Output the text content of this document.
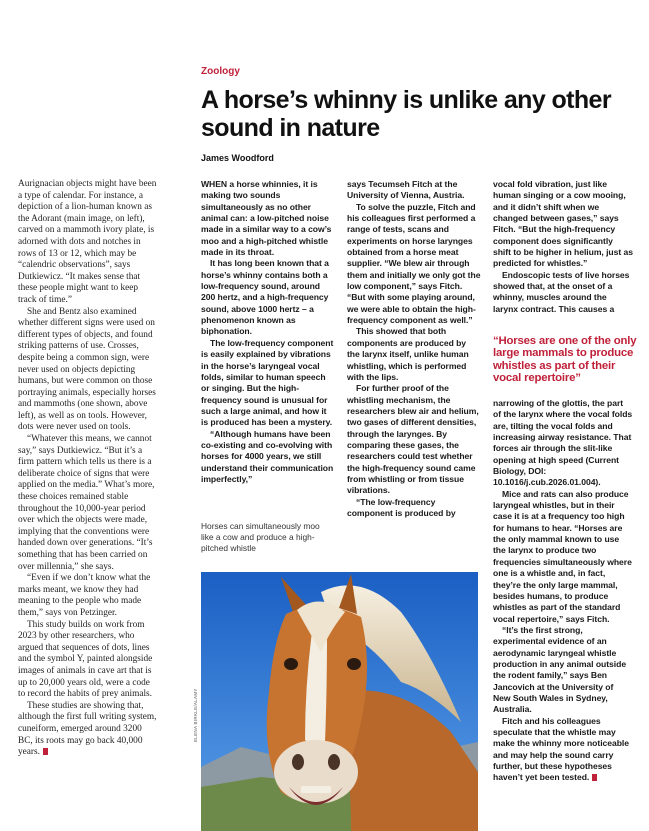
Aurignacian objects might have been a type of calendar. For instance, a depiction of a lion-human known as the Adorant (main image, on left), carved on a mammoth ivory plate, is adorned with dots and notches in rows of 13 or 12, which may be “calendric observations”, says Dutkiewicz. “It makes sense that these people might want to keep track of time.”

She and Bentz also examined whether different signs were used on different types of objects, and found striking patterns of use. Crosses, despite being a common sign, were never used on objects depicting humans, but were common on those portraying animals, especially horses and mammoths (one shown, above left), as well as on tools. However, dots were never used on tools.

“Whatever this means, we cannot say,” says Dutkiewicz. “But it’s a firm pattern which tells us there is a deliberate choice of signs that were applied on the media.” What’s more, these choices remained stable throughout the 10,000-year period over which the objects were made, implying that the conventions were handed down over generations. “It’s something that has been carried on over millennia,” she says.

“Even if we don’t know what the marks meant, we know they had meaning to the people who made them,” says von Petzinger.

This study builds on work from 2023 by other researchers, who argued that sequences of dots, lines and the symbol Y, painted alongside images of animals in cave art that is up to 20,000 years old, were a code to record the habits of prey animals.

These studies are showing that, although the first full writing system, cuneiform, emerged around 3200 BC, its roots may go back 40,000 years.

Zoology
A horse’s whinny is unlike any other sound in nature
James Woodford

WHEN a horse whinnies, it is making two sounds simultaneously as no other animal can: a low-pitched noise made in a similar way to a cow’s moo and a high-pitched whistle made in its throat.

It has long been known that a horse’s whinny contains both a low-frequency sound, around 200 hertz, and a high-frequency sound, above 1000 hertz – a phenomenon known as biphonation.

The low-frequency component is easily explained by vibrations in the horse’s laryngeal vocal folds, similar to human speech or singing. But the high-frequency sound is unusual for such a large animal, and how it is produced has been a mystery.

“Although humans have been co-existing and co-evolving with horses for 4000 years, we still understand their communication imperfectly,”

Horses can simultaneously moo like a cow and produce a high-pitched whistle

says Tecumseh Fitch at the University of Vienna, Austria.

To solve the puzzle, Fitch and his colleagues first performed a range of tests, scans and experiments on horse larynges obtained from a horse meat supplier. “We blew air through them and initially we only got the low component,” says Fitch. “But with some playing around, we were able to obtain the high-frequency component as well.”

This showed that both components are produced by the larynx itself, unlike human whistling, which is performed with the lips.

For further proof of the whistling mechanism, the researchers blew air and helium, two gases of different densities, through the larynges. By comparing these gases, the researchers could test whether the high-frequency sound came from whistling or from tissue vibrations.

“The low-frequency component is produced by

vocal fold vibration, just like human singing or a cow mooing, and it didn’t shift when we changed between gases,” says Fitch. “But the high-frequency component does significantly shift to be higher in helium, just as predicted for whistles.”

Endoscopic tests of live horses showed that, at the onset of a whinny, muscles around the larynx contract. This causes a

“Horses are one of the only large mammals to produce whistles as part of their vocal repertoire”

narrowing of the glottis, the part of the larynx where the vocal folds are, tilting the vocal folds and increasing airway resistance. That forces air through the slit-like opening at high speed (Current Biology, DOI: 10.1016/j.cub.2026.01.004).

Mice and rats can also produce laryngeal whistles, but in their case it is at a frequency too high for humans to hear. “Horses are the only mammal known to use the larynx to produce two frequencies simultaneously where one is a whistle and, in fact, they’re the only large mammal, besides humans, to produce whistles as part of the standard vocal repertoire,” says Fitch.

“It’s the first strong, experimental evidence of an aerodynamic laryngeal whistle production in any animal outside the rodent family,” says Ben Jancovich at the University of New South Wales in Sydney, Australia.

Fitch and his colleagues speculate that the whistle may make the whinny more noticeable and may help the sound carry further, but these hypotheses haven’t yet been tested.

ELENA BIRKLE/ALAMY
